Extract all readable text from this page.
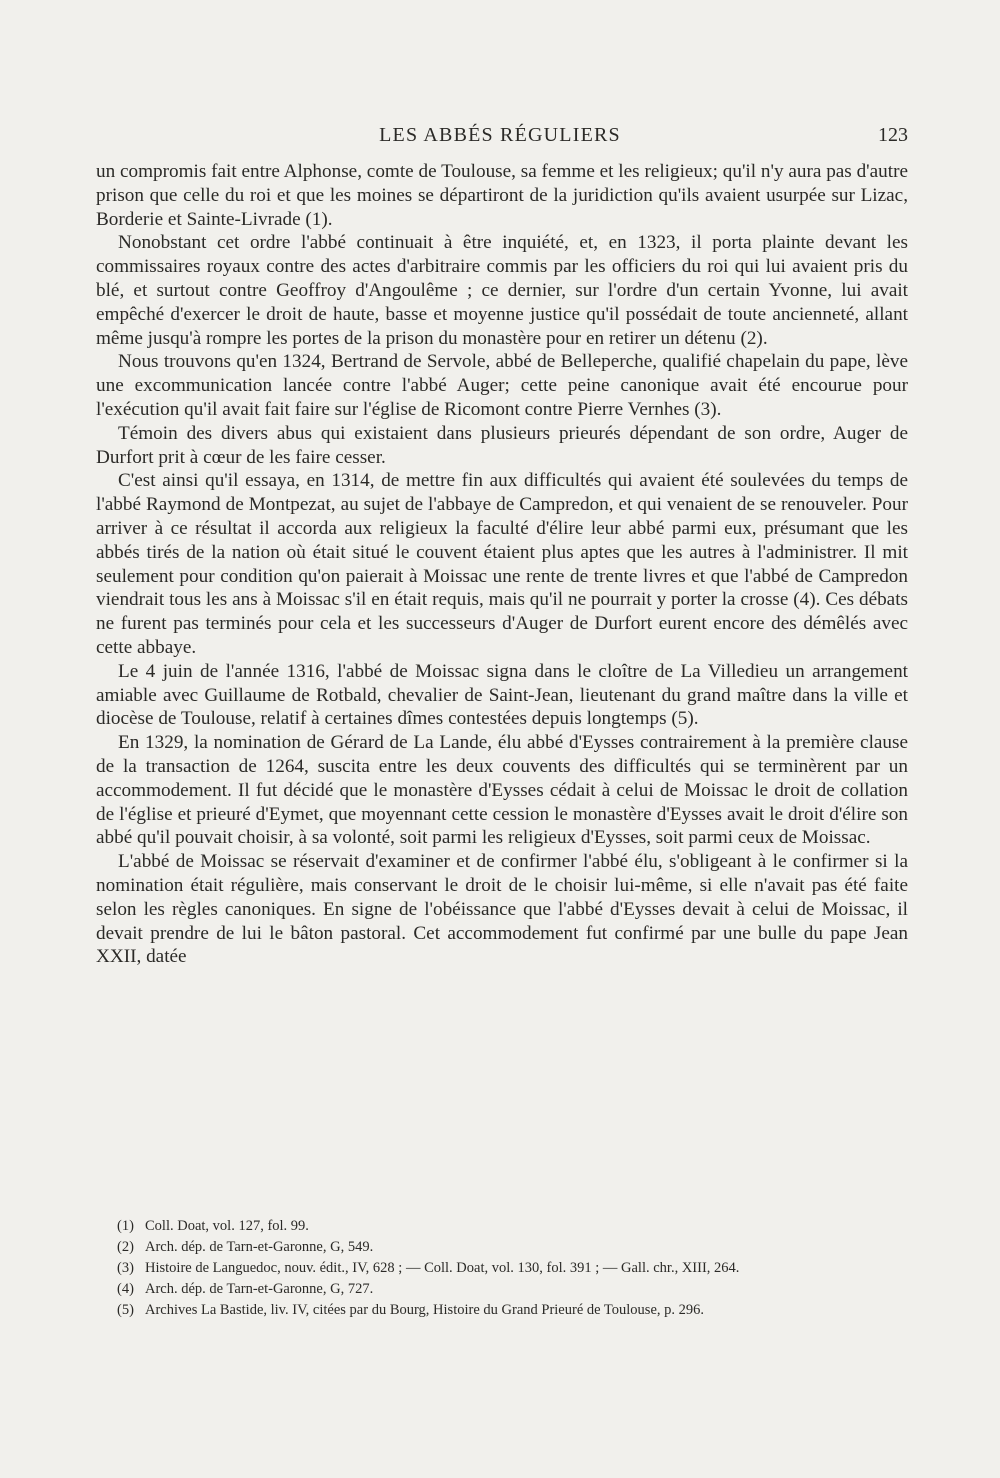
LES ABBÉS RÉGULIERS	123

un compromis fait entre Alphonse, comte de Toulouse, sa femme et les religieux; qu'il n'y aura pas d'autre prison que celle du roi et que les moines se départiront de la juridiction qu'ils avaient usurpée sur Lizac, Borderie et Sainte-Livrade (1).

Nonobstant cet ordre l'abbé continuait à être inquiété, et, en 1323, il porta plainte devant les commissaires royaux contre des actes d'arbitraire commis par les officiers du roi qui lui avaient pris du blé, et surtout contre Geoffroy d'Angoulême ; ce dernier, sur l'ordre d'un certain Yvonne, lui avait empêché d'exercer le droit de haute, basse et moyenne justice qu'il possédait de toute ancienneté, allant même jusqu'à rompre les portes de la prison du monastère pour en retirer un détenu (2).

Nous trouvons qu'en 1324, Bertrand de Servole, abbé de Belleperche, qualifié chapelain du pape, lève une excommunication lancée contre l'abbé Auger; cette peine canonique avait été encourue pour l'exécution qu'il avait fait faire sur l'église de Ricomont contre Pierre Vernhes (3).

Témoin des divers abus qui existaient dans plusieurs prieurés dépendant de son ordre, Auger de Durfort prit à cœur de les faire cesser.

C'est ainsi qu'il essaya, en 1314, de mettre fin aux difficultés qui avaient été soulevées du temps de l'abbé Raymond de Montpezat, au sujet de l'abbaye de Campredon, et qui venaient de se renouveler. Pour arriver à ce résultat il accorda aux religieux la faculté d'élire leur abbé parmi eux, présumant que les abbés tirés de la nation où était situé le couvent étaient plus aptes que les autres à l'administrer. Il mit seulement pour condition qu'on paierait à Moissac une rente de trente livres et que l'abbé de Campredon viendrait tous les ans à Moissac s'il en était requis, mais qu'il ne pourrait y porter la crosse (4). Ces débats ne furent pas terminés pour cela et les successeurs d'Auger de Durfort eurent encore des démêlés avec cette abbaye.

Le 4 juin de l'année 1316, l'abbé de Moissac signa dans le cloître de La Villedieu un arrangement amiable avec Guillaume de Rotbald, chevalier de Saint-Jean, lieutenant du grand maître dans la ville et diocèse de Toulouse, relatif à certaines dîmes contestées depuis longtemps (5).

En 1329, la nomination de Gérard de La Lande, élu abbé d'Eysses contrairement à la première clause de la transaction de 1264, suscita entre les deux couvents des difficultés qui se terminèrent par un accommodement. Il fut décidé que le monastère d'Eysses cédait à celui de Moissac le droit de collation de l'église et prieuré d'Eymet, que moyennant cette cession le monastère d'Eysses avait le droit d'élire son abbé qu'il pouvait choisir, à sa volonté, soit parmi les religieux d'Eysses, soit parmi ceux de Moissac.

L'abbé de Moissac se réservait d'examiner et de confirmer l'abbé élu, s'obligeant à le confirmer si la nomination était régulière, mais conservant le droit de le choisir lui-même, si elle n'avait pas été faite selon les règles canoniques. En signe de l'obéissance que l'abbé d'Eysses devait à celui de Moissac, il devait prendre de lui le bâton pastoral. Cet accommodement fut confirmé par une bulle du pape Jean XXII, datée

(1) Coll. Doat, vol. 127, fol. 99.
(2) Arch. dép. de Tarn-et-Garonne, G, 549.
(3) Histoire de Languedoc, nouv. édit., IV, 628 ; — Coll. Doat, vol. 130, fol. 391 ; — Gall. chr., XIII, 264.
(4) Arch. dép. de Tarn-et-Garonne, G, 727.
(5) Archives La Bastide, liv. IV, citées par du Bourg, Histoire du Grand Prieuré de Toulouse, p. 296.
